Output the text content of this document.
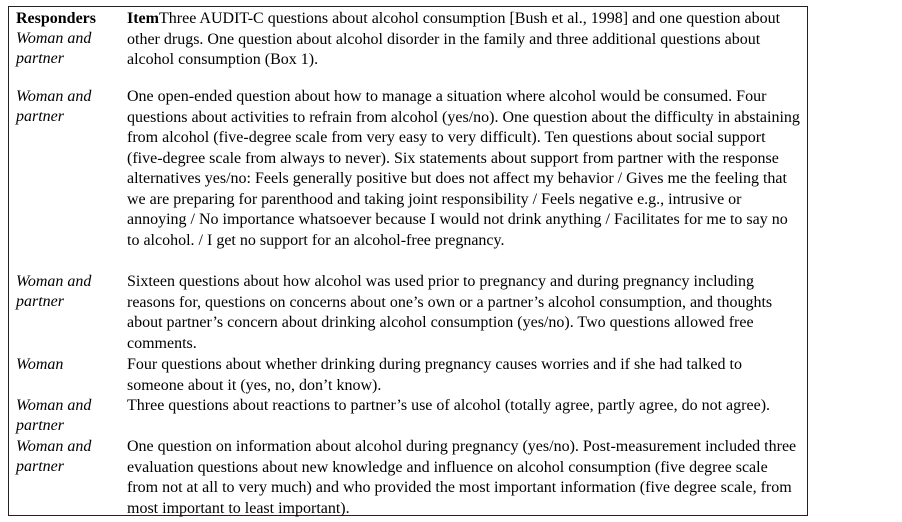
Responders
Woman and partner
ItemThree AUDIT-C questions about alcohol consumption [Bush et al., 1998] and one question about other drugs. One question about alcohol disorder in the family and three additional questions about alcohol consumption (Box 1).
Woman and partner
One open-ended question about how to manage a situation where alcohol would be consumed. Four questions about activities to refrain from alcohol (yes/no). One question about the difficulty in abstaining from alcohol (five-degree scale from very easy to very difficult). Ten questions about social support (five-degree scale from always to never). Six statements about support from partner with the response alternatives yes/no: Feels generally positive but does not affect my behavior / Gives me the feeling that we are preparing for parenthood and taking joint responsibility / Feels negative e.g., intrusive or annoying / No importance whatsoever because I would not drink anything / Facilitates for me to say no to alcohol. / I get no support for an alcohol-free pregnancy.
Woman and partner
Sixteen questions about how alcohol was used prior to pregnancy and during pregnancy including reasons for, questions on concerns about one’s own or a partner’s alcohol consumption, and thoughts about partner’s concern about drinking alcohol consumption (yes/no). Two questions allowed free comments.
Woman	Four questions about whether drinking during pregnancy causes worries and if she had talked to someone about it (yes, no, don’t know).
Woman and partner
Three questions about reactions to partner’s use of alcohol (totally agree, partly agree, do not agree).
Woman and partner
One question on information about alcohol during pregnancy (yes/no). Post-measurement included three evaluation questions about new knowledge and influence on alcohol consumption (five degree scale from not at all to very much) and who provided the most important information (five degree scale, from most important to least important).
